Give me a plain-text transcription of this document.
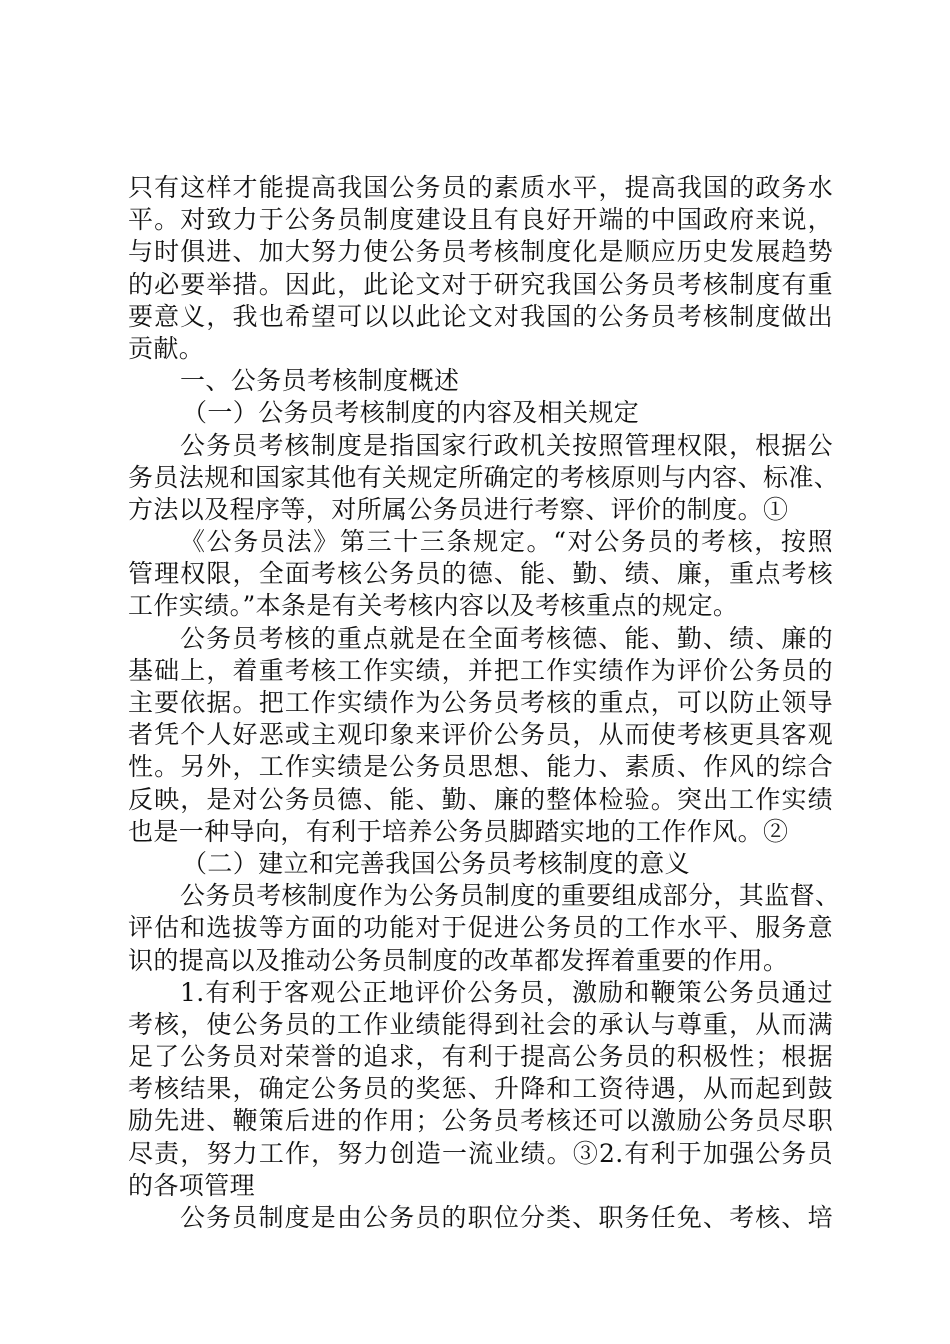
只有这样才能提高我国公务员的素质水平，提高我国的政务水
平。对致力于公务员制度建设且有良好开端的中国政府来说，
与时俱进、加大努力使公务员考核制度化是顺应历史发展趋势
的必要举措。因此，此论文对于研究我国公务员考核制度有重
要意义，我也希望可以以此论文对我国的公务员考核制度做出
贡献。
一、公务员考核制度概述
（一）公务员考核制度的内容及相关规定
公务员考核制度是指国家行政机关按照管理权限，根据公
务员法规和国家其他有关规定所确定的考核原则与内容、标准、
方法以及程序等，对所属公务员进行考察、评价的制度。①
《公务员法》第三十三条规定。“对公务员的考核，按照
管理权限，全面考核公务员的德、能、勤、绩、廉，重点考核
工作实绩。”本条是有关考核内容以及考核重点的规定。
公务员考核的重点就是在全面考核德、能、勤、绩、廉的
基础上，着重考核工作实绩，并把工作实绩作为评价公务员的
主要依据。把工作实绩作为公务员考核的重点，可以防止领导
者凭个人好恶或主观印象来评价公务员，从而使考核更具客观
性。另外，工作实绩是公务员思想、能力、素质、作风的综合
反映，是对公务员德、能、勤、廉的整体检验。突出工作实绩
也是一种导向，有利于培养公务员脚踏实地的工作作风。②
（二）建立和完善我国公务员考核制度的意义
公务员考核制度作为公务员制度的重要组成部分，其监督、
评估和选拔等方面的功能对于促进公务员的工作水平、服务意
识的提高以及推动公务员制度的改革都发挥着重要的作用。
1.有利于客观公正地评价公务员，激励和鞭策公务员通过
考核，使公务员的工作业绩能得到社会的承认与尊重，从而满
足了公务员对荣誉的追求，有利于提高公务员的积极性；根据
考核结果，确定公务员的奖惩、升降和工资待遇，从而起到鼓
励先进、鞭策后进的作用；公务员考核还可以激励公务员尽职
尽责，努力工作，努力创造一流业绩。③2.有利于加强公务员
的各项管理
公务员制度是由公务员的职位分类、职务任免、考核、培
